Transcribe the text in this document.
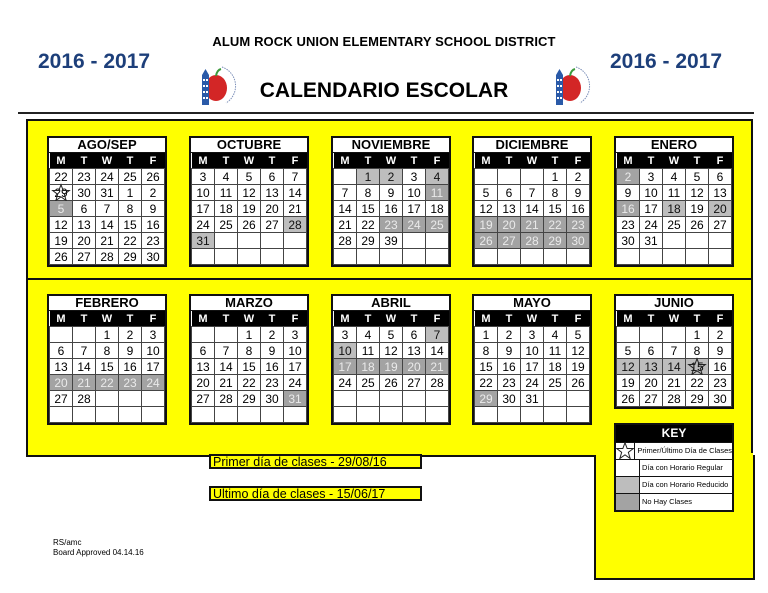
ALUM ROCK UNION ELEMENTARY SCHOOL DISTRICT
2016 - 2017	2016 - 2017
CALENDARIO ESCOLAR
AGO/SEP
M	T	W	T	F
22	23	24	25	26
29	30	31	1	2
5	6	7	8	9
12	13	14	15	16
19	20	21	22	23
26	27	28	29	30
OCTUBRE
M	T	W	T	F
3	4	5	6	7
10	11	12	13	14
17	18	19	20	21
24	25	26	27	28
31				

NOVIEMBRE
M	T	W	T	F
	1	2	3	4
7	8	9	10	11
14	15	16	17	18
21	22	23	24	25
28	29	39		

DICIEMBRE
M	T	W	T	F
			1	2
5	6	7	8	9
12	13	14	15	16
19	20	21	22	23
26	27	28	29	30

ENERO
M	T	W	T	F
2	3	4	5	6
9	10	11	12	13
16	17	18	19	20
23	24	25	26	27
30	31			

FEBRERO
M	T	W	T	F
		1	2	3
6	7	8	9	10
13	14	15	16	17
20	21	22	23	24
27	28			

MARZO
M	T	W	T	F
		1	2	3
6	7	8	9	10
13	14	15	16	17
20	21	22	23	24
27	28	29	30	31

ABRIL
M	T	W	T	F
3	4	5	6	7
10	11	12	13	14
17	18	19	20	21
24	25	26	27	28

MAYO
M	T	W	T	F
1	2	3	4	5
8	9	10	11	12
15	16	17	18	19
22	23	24	25	26
29	30	31		

JUNIO
M	T	W	T	F
			1	2
5	6	7	8	9
12	13	14	15	16
19	20	21	22	23
26	27	28	29	30
KEY
Primer/Último Día de Clases
Día con Horario Regular
Día con Horario Reducido
No Hay Clases
Primer día de clases - 29/08/16
Ultimo día de clases - 15/06/17
RS/amc
Board Approved 04.14.16
